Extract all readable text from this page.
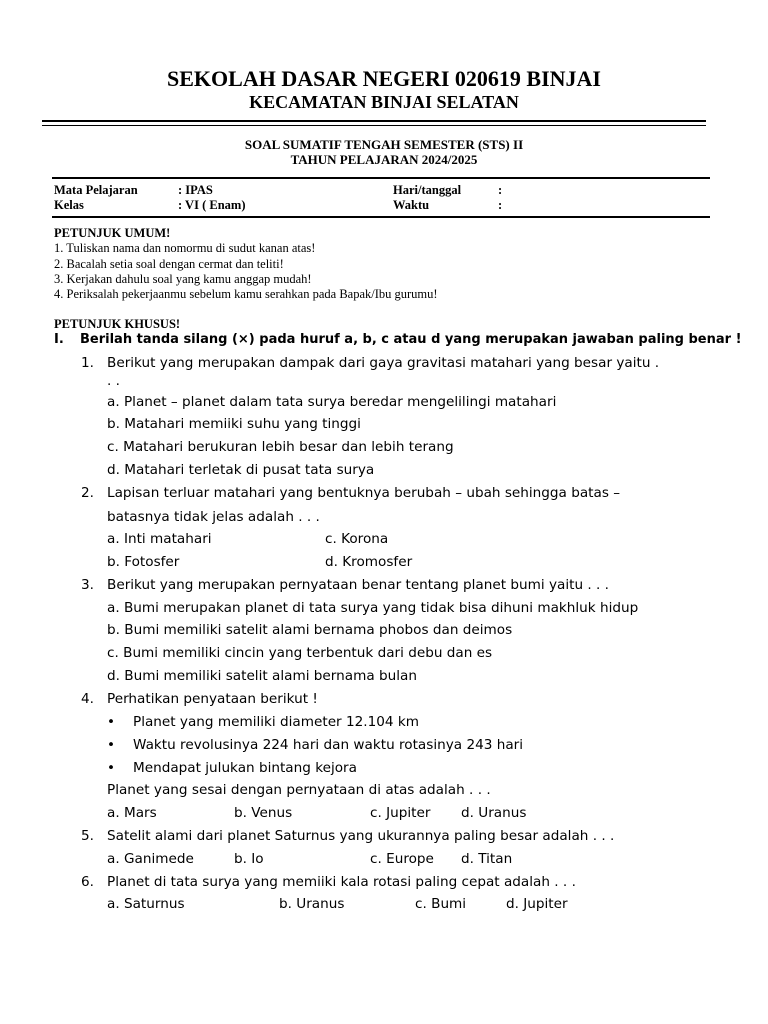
SEKOLAH DASAR NEGERI 020619 BINJAI
KECAMATAN BINJAI SELATAN
SOAL SUMATIF TENGAH SEMESTER (STS) II
TAHUN PELAJARAN 2024/2025
Mata Pelajaran	: IPAS	Hari/tanggal	:
Kelas	: VI ( Enam)	Waktu	:
PETUNJUK UMUM!
1. Tuliskan nama dan nomormu di sudut kanan atas!
2. Bacalah setia soal dengan cermat dan teliti!
3. Kerjakan dahulu soal yang kamu anggap mudah!
4. Periksalah pekerjaanmu sebelum kamu serahkan pada Bapak/Ibu gurumu!
PETUNJUK KHUSUS!
I. Berilah tanda silang (×) pada huruf a, b, c atau d yang merupakan jawaban paling benar !
1. Berikut yang merupakan dampak dari gaya gravitasi matahari yang besar yaitu .
. .
a. Planet – planet dalam tata surya beredar mengelilingi matahari
b. Matahari memiiki suhu yang tinggi
c. Matahari berukuran lebih besar dan lebih terang
d. Matahari terletak di pusat tata surya
2. Lapisan terluar matahari yang bentuknya berubah – ubah sehingga batas –
batasnya tidak jelas adalah . . .
a. Inti matahari	c. Korona
b. Fotosfer	d. Kromosfer
3. Berikut yang merupakan pernyataan benar tentang planet bumi yaitu . . .
a. Bumi merupakan planet di tata surya yang tidak bisa dihuni makhluk hidup
b. Bumi memiliki satelit alami bernama phobos dan deimos
c. Bumi memiliki cincin yang terbentuk dari debu dan es
d. Bumi memiliki satelit alami bernama bulan
4. Perhatikan penyataan berikut !
• Planet yang memiliki diameter 12.104 km
• Waktu revolusinya 224 hari dan waktu rotasinya 243 hari
• Mendapat julukan bintang kejora
Planet yang sesai dengan pernyataan di atas adalah . . .
a. Mars	b. Venus	c. Jupiter d. Uranus
5. Satelit alami dari planet Saturnus yang ukurannya paling besar adalah . . .
a. Ganimede	b. Io	c. Europe d. Titan
6. Planet di tata surya yang memiiki kala rotasi paling cepat adalah . . .
a. Saturnus	b. Uranus	c. Bumi	d. Jupiter
